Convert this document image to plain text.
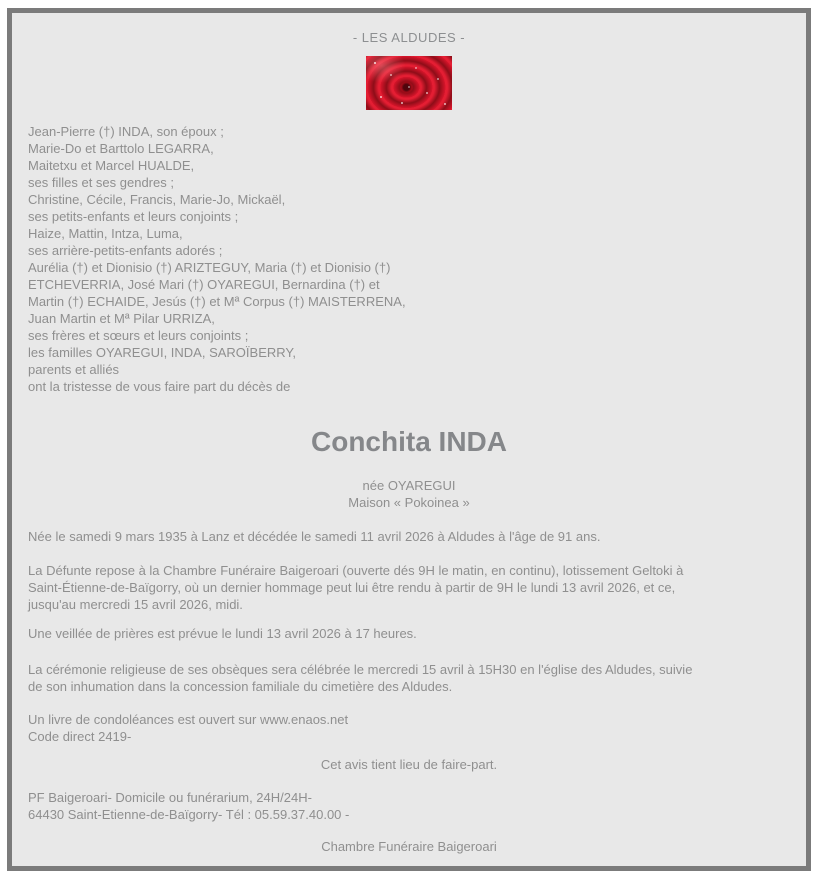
- LES ALDUDES -
Jean-Pierre (†) INDA, son époux ;
Marie-Do et Barttolo LEGARRA,
Maitetxu et Marcel HUALDE,
ses filles et ses gendres ;
Christine, Cécile, Francis, Marie-Jo, Mickaël,
ses petits-enfants et leurs conjoints ;
Haize, Mattin, Intza, Luma,
ses arrière-petits-enfants adorés ;
Aurélia (†) et Dionisio (†) ARIZTEGUY, Maria (†) et Dionisio (†)
ETCHEVERRIA, José Mari (†) OYAREGUI, Bernardina (†) et
Martin (†) ECHAIDE, Jesús (†) et Mª Corpus (†) MAISTERRENA,
Juan Martin et Mª Pilar URRIZA,
ses frères et sœurs et leurs conjoints ;
les familles OYAREGUI, INDA, SAROÏBERRY,
parents et alliés
ont la tristesse de vous faire part du décès de
Conchita INDA
née OYAREGUI
Maison « Pokoinea »
Née le samedi 9 mars 1935 à Lanz et décédée le samedi 11 avril 2026 à Aldudes à l'âge de 91 ans.
La Défunte repose à la Chambre Funéraire Baigeroari (ouverte dés 9H le matin, en continu), lotissement Geltoki à
Saint-Étienne-de-Baïgorry, où un dernier hommage peut lui être rendu à partir de 9H le lundi 13 avril 2026, et ce,
jusqu'au mercredi 15 avril 2026, midi.
Une veillée de prières est prévue le lundi 13 avril 2026 à 17 heures.
La cérémonie religieuse de ses obsèques sera célébrée le mercredi 15 avril à 15H30 en l'église des Aldudes, suivie
de son inhumation dans la concession familiale du cimetière des Aldudes.
Un livre de condoléances est ouvert sur www.enaos.net
Code direct 2419-
Cet avis tient lieu de faire-part.
PF Baigeroari- Domicile ou funérarium, 24H/24H-
64430 Saint-Etienne-de-Baïgorry- Tél : 05.59.37.40.00 -
Chambre Funéraire Baigeroari
